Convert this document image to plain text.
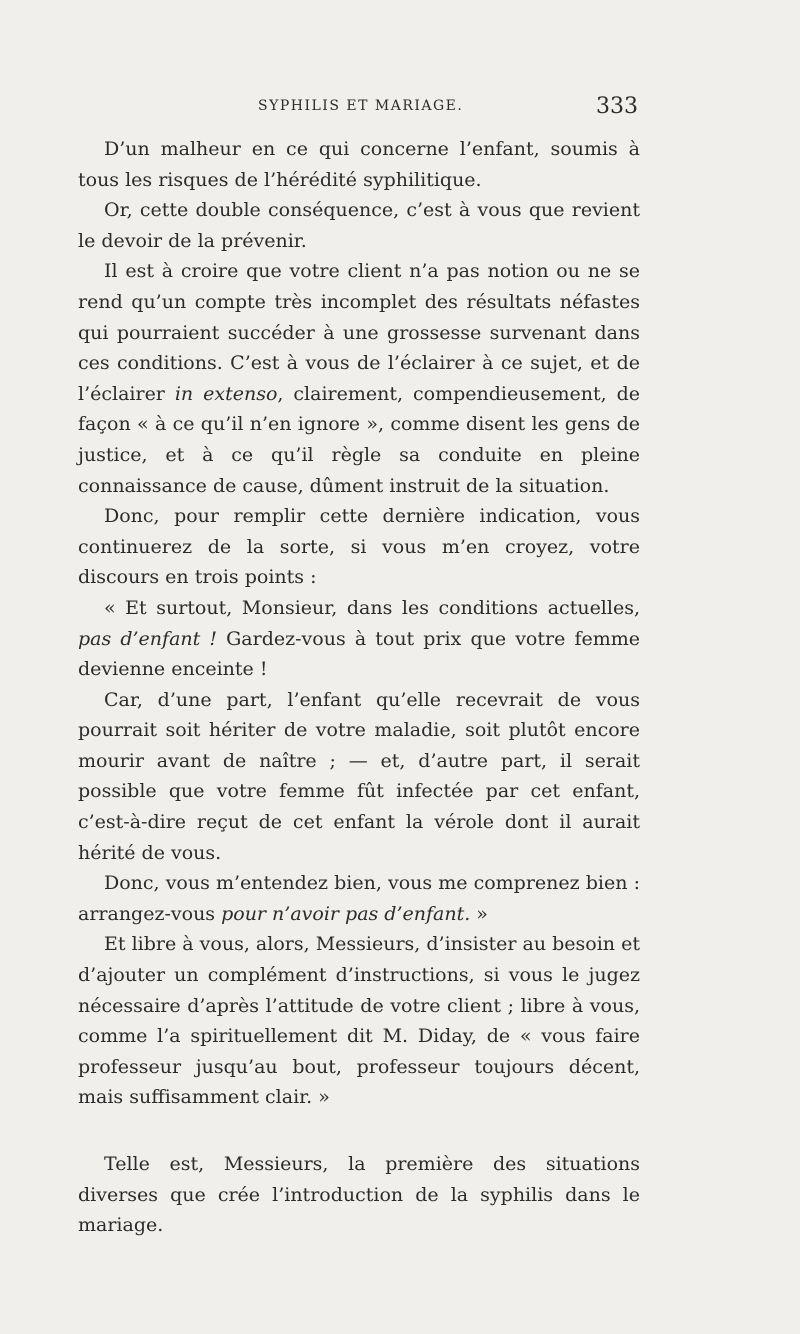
SYPHILIS ET MARIAGE.	333

D’un malheur en ce qui concerne l’enfant, soumis à tous les risques de l’hérédité syphilitique.

Or, cette double conséquence, c’est à vous que revient le devoir de la prévenir.

Il est à croire que votre client n’a pas notion ou ne se rend qu’un compte très incomplet des résultats néfastes qui pourraient succéder à une grossesse survenant dans ces conditions. C’est à vous de l’éclairer à ce sujet, et de l’éclairer in extenso, clairement, compendieusement, de façon « à ce qu’il n’en ignore », comme disent les gens de justice, et à ce qu’il règle sa conduite en pleine connaissance de cause, dûment instruit de la situation.

Donc, pour remplir cette dernière indication, vous continuerez de la sorte, si vous m’en croyez, votre discours en trois points :

« Et surtout, Monsieur, dans les conditions actuelles, pas d’enfant ! Gardez-vous à tout prix que votre femme devienne enceinte !

Car, d’une part, l’enfant qu’elle recevrait de vous pourrait soit hériter de votre maladie, soit plutôt encore mourir avant de naître ; — et, d’autre part, il serait possible que votre femme fût infectée par cet enfant, c’est-à-dire reçut de cet enfant la vérole dont il aurait hérité de vous.

Donc, vous m’entendez bien, vous me comprenez bien : arrangez-vous pour n’avoir pas d’enfant. »

Et libre à vous, alors, Messieurs, d’insister au besoin et d’ajouter un complément d’instructions, si vous le jugez nécessaire d’après l’attitude de votre client ; libre à vous, comme l’a spirituellement dit M. Diday, de « vous faire professeur jusqu’au bout, professeur toujours décent, mais suffisamment clair. »

Telle est, Messieurs, la première des situations diverses que crée l’introduction de la syphilis dans le mariage.
